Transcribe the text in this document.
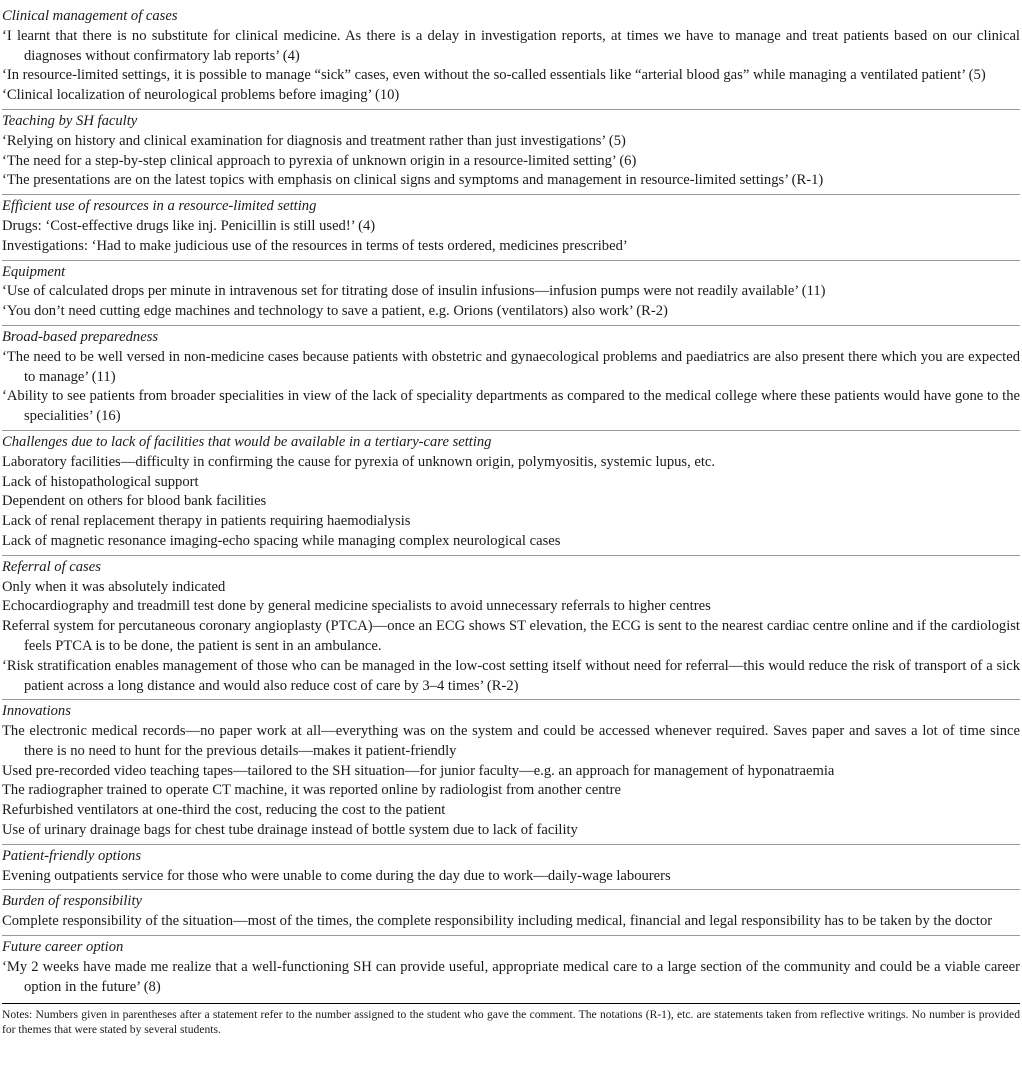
Clinical management of cases

‘I learnt that there is no substitute for clinical medicine. As there is a delay in investigation reports, at times we have to manage and treat patients based on our clinical diagnoses without confirmatory lab reports’ (4)

‘In resource-limited settings, it is possible to manage “sick” cases, even without the so-called essentials like “arterial blood gas” while managing a ventilated patient’ (5)

‘Clinical localization of neurological problems before imaging’ (10)

Teaching by SH faculty

‘Relying on history and clinical examination for diagnosis and treatment rather than just investigations’ (5)

‘The need for a step-by-step clinical approach to pyrexia of unknown origin in a resource-limited setting’ (6)

‘The presentations are on the latest topics with emphasis on clinical signs and symptoms and management in resource-limited settings’ (R-1)

Efficient use of resources in a resource-limited setting

Drugs: ‘Cost-effective drugs like inj. Penicillin is still used!’ (4)

Investigations: ‘Had to make judicious use of the resources in terms of tests ordered, medicines prescribed’

Equipment

‘Use of calculated drops per minute in intravenous set for titrating dose of insulin infusions—infusion pumps were not readily available’ (11)

‘You don’t need cutting edge machines and technology to save a patient, e.g. Orions (ventilators) also work’ (R-2)

Broad-based preparedness

‘The need to be well versed in non-medicine cases because patients with obstetric and gynaecological problems and paediatrics are also present there which you are expected to manage’ (11)

‘Ability to see patients from broader specialities in view of the lack of speciality departments as compared to the medical college where these patients would have gone to the specialities’ (16)

Challenges due to lack of facilities that would be available in a tertiary-care setting

Laboratory facilities—difficulty in confirming the cause for pyrexia of unknown origin, polymyositis, systemic lupus, etc.

Lack of histopathological support

Dependent on others for blood bank facilities

Lack of renal replacement therapy in patients requiring haemodialysis

Lack of magnetic resonance imaging-echo spacing while managing complex neurological cases

Referral of cases

Only when it was absolutely indicated

Echocardiography and treadmill test done by general medicine specialists to avoid unnecessary referrals to higher centres

Referral system for percutaneous coronary angioplasty (PTCA)—once an ECG shows ST elevation, the ECG is sent to the nearest cardiac centre online and if the cardiologist feels PTCA is to be done, the patient is sent in an ambulance.

‘Risk stratification enables management of those who can be managed in the low-cost setting itself without need for referral—this would reduce the risk of transport of a sick patient across a long distance and would also reduce cost of care by 3–4 times’ (R-2)

Innovations

The electronic medical records—no paper work at all—everything was on the system and could be accessed whenever required. Saves paper and saves a lot of time since there is no need to hunt for the previous details––makes it patient-friendly

Used pre-recorded video teaching tapes—tailored to the SH situation—for junior faculty—e.g. an approach for management of hyponatraemia

The radiographer trained to operate CT machine, it was reported online by radiologist from another centre

Refurbished ventilators at one-third the cost, reducing the cost to the patient

Use of urinary drainage bags for chest tube drainage instead of bottle system due to lack of facility

Patient-friendly options

Evening outpatients service for those who were unable to come during the day due to work—daily-wage labourers

Burden of responsibility

Complete responsibility of the situation—most of the times, the complete responsibility including medical, financial and legal responsibility has to be taken by the doctor

Future career option

‘My 2 weeks have made me realize that a well-functioning SH can provide useful, appropriate medical care to a large section of the community and could be a viable career option in the future’ (8)

Notes: Numbers given in parentheses after a statement refer to the number assigned to the student who gave the comment. The notations (R-1), etc. are statements taken from reflective writings. No number is provided for themes that were stated by several students.
